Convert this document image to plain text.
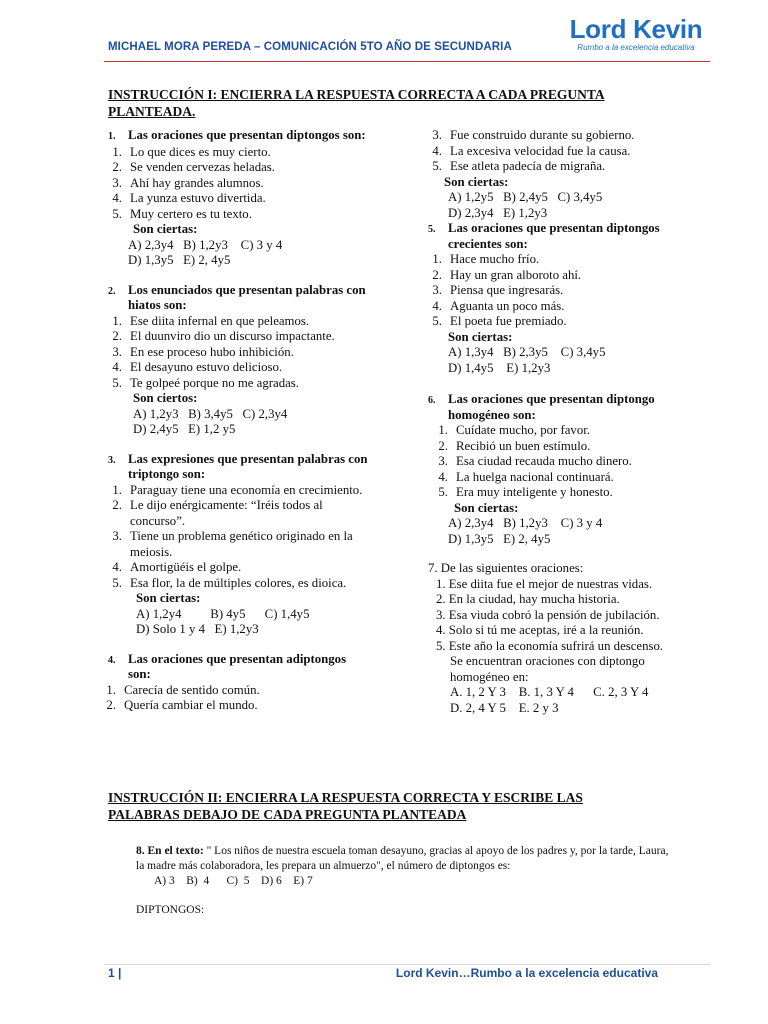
MICHAEL MORA PEREDA – COMUNICACIÓN 5TO AÑO DE SECUNDARIA
Lord Kevin
Rumbo a la excelencia educativa
INSTRUCCIÓN I: ENCIERRA LA RESPUESTA CORRECTA A CADA PREGUNTA PLANTEADA.
1. Las oraciones que presentan diptongos son:
1. Lo que dices es muy cierto.
2. Se venden cervezas heladas.
3. Ahí hay grandes alumnos.
4. La yunza estuvo divertida.
5. Muy certero es tu texto.
Son ciertas:
A) 2,3y4   B) 1,2y3    C) 3 y 4
D) 1,3y5   E) 2, 4y5
2. Los enunciados que presentan palabras con hiatos son:
1. Ese diita infernal en que peleamos.
2. El duunviro dio un discurso impactante.
3. En ese proceso hubo inhibición.
4. El desayuno estuvo delicioso.
5. Te golpeé porque no me agradas.
Son ciertos:
A) 1,2y3   B) 3,4y5   C) 2,3y4
D) 2,4y5   E) 1,2 y5
3. Las expresiones que presentan palabras con triptongo son:
1. Paraguay tiene una economía en crecimiento.
2. Le dijo enérgicamente: “Iréis todos al concurso”.
3. Tiene un problema genético originado en la meiosis.
4. Amortigüéis el golpe.
5. Esa flor, la de múltiples colores, es dioica.
Son ciertas:
A) 1,2y4         B) 4y5      C) 1,4y5
D) Solo 1 y 4   E) 1,2y3
4. Las oraciones que presentan adiptongos son:
1. Carecía de sentido común.
2. Quería cambiar el mundo.
3. Fue construido durante su gobierno.
4. La excesiva velocidad fue la causa.
5. Ese atleta padecía de migraña.
Son ciertas:
A) 1,2y5   B) 2,4y5   C) 3,4y5
D) 2,3y4   E) 1,2y3
5. Las oraciones que presentan diptongos crecientes son:
1. Hace mucho frío.
2. Hay un gran alboroto ahí.
3. Piensa que ingresarás.
4. Aguanta un poco más.
5. El poeta fue premiado.
Son ciertas:
A) 1,3y4   B) 2,3y5    C) 3,4y5
D) 1,4y5    E) 1,2y3
6. Las oraciones que presentan diptongo homogéneo son:
1. Cuídate mucho, por favor.
2. Recibió un buen estímulo.
3. Esa ciudad recauda mucho dinero.
4. La huelga nacional continuará.
5. Era muy inteligente y honesto.
Son ciertas:
A) 2,3y4   B) 1,2y3    C) 3 y 4
D) 1,3y5   E) 2, 4y5
7. De las siguientes oraciones:
1. Ese diita fue el mejor de nuestras vidas.
2. En la ciudad, hay mucha historia.
3. Esa viuda cobró la pensión de jubilación.
4. Solo si tú me aceptas, iré a la reunión.
5. Este año la economía sufrirá un descenso.
Se encuentran oraciones con diptongo homogéneo en:
A. 1, 2 Y 3    B. 1, 3 Y 4      C. 2, 3 Y 4
D. 2, 4 Y 5    E. 2 y 3
INSTRUCCIÓN II: ENCIERRA LA RESPUESTA CORRECTA Y ESCRIBE LAS PALABRAS DEBAJO DE CADA PREGUNTA PLANTEADA
8. En el texto: " Los niños de nuestra escuela toman desayuno, gracias al apoyo de los padres y, por la tarde, Laura, la madre más colaboradora, les prepara un almuerzo", el número de diptongos es:
A) 3    B)  4      C)  5    D) 6    E) 7
DIPTONGOS:
1 |	Lord Kevin…Rumbo a la excelencia educativa
